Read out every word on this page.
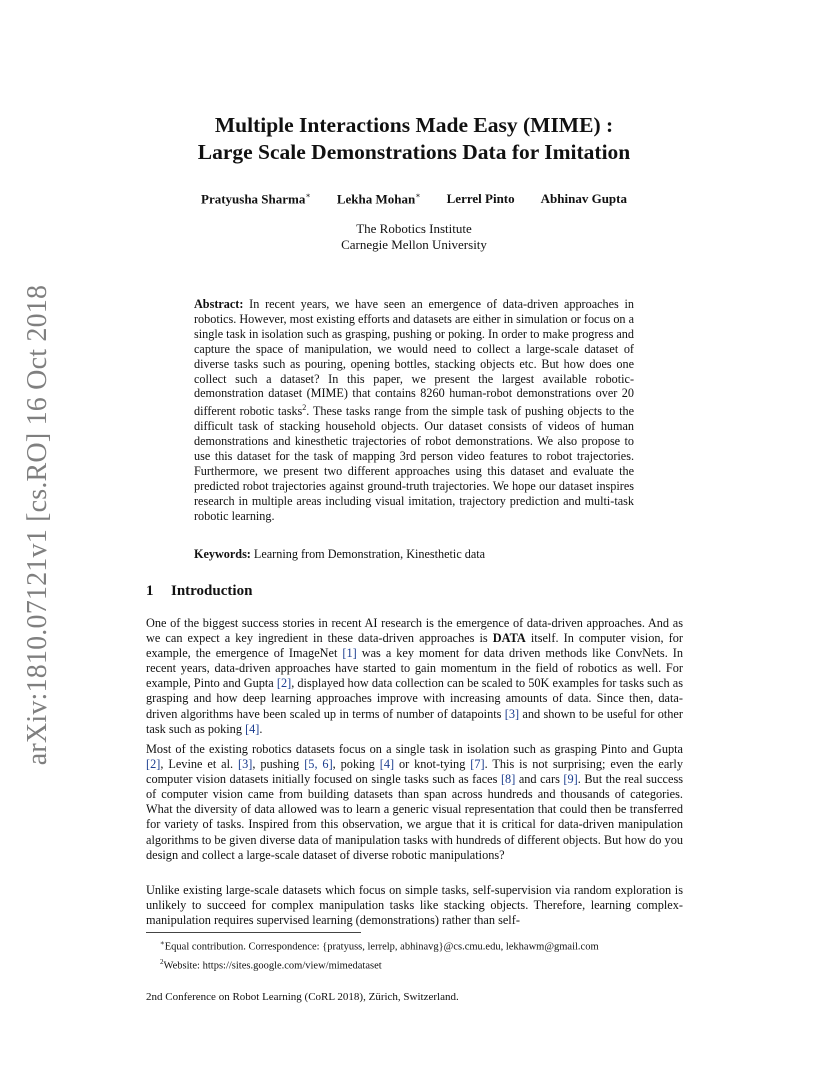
arXiv:1810.07121v1 [cs.RO] 16 Oct 2018
Multiple Interactions Made Easy (MIME) :
Large Scale Demonstrations Data for Imitation
Pratyusha Sharma∗ Lekha Mohan∗ Lerrel Pinto Abhinav Gupta
The Robotics Institute
Carnegie Mellon University
Abstract: In recent years, we have seen an emergence of data-driven approaches in robotics. However, most existing efforts and datasets are either in simulation or focus on a single task in isolation such as grasping, pushing or poking. In order to make progress and capture the space of manipulation, we would need to collect a large-scale dataset of diverse tasks such as pouring, opening bottles, stacking objects etc. But how does one collect such a dataset? In this paper, we present the largest available robotic-demonstration dataset (MIME) that contains 8260 human-robot demonstrations over 20 different robotic tasks$^2$. These tasks range from the simple task of pushing objects to the difficult task of stacking household objects. Our dataset consists of videos of human demonstrations and kinesthetic trajectories of robot demonstrations. We also propose to use this dataset for the task of mapping 3rd person video features to robot trajectories. Furthermore, we present two different approaches using this dataset and evaluate the predicted robot trajectories against ground-truth trajectories. We hope our dataset inspires research in multiple areas including visual imitation, trajectory prediction and multi-task robotic learning.
Keywords: Learning from Demonstration, Kinesthetic data
1 Introduction
One of the biggest success stories in recent AI research is the emergence of data-driven approaches. And as we can expect a key ingredient in these data-driven approaches is DATA itself. In computer vision, for example, the emergence of ImageNet [1] was a key moment for data driven methods like ConvNets. In recent years, data-driven approaches have started to gain momentum in the field of robotics as well. For example, Pinto and Gupta [2], displayed how data collection can be scaled to 50K examples for tasks such as grasping and how deep learning approaches improve with increasing amounts of data. Since then, data-driven algorithms have been scaled up in terms of number of datapoints [3] and shown to be useful for other task such as poking [4].
Most of the existing robotics datasets focus on a single task in isolation such as grasping Pinto and Gupta [2], Levine et al. [3], pushing [5, 6], poking [4] or knot-tying [7]. This is not surprising; even the early computer vision datasets initially focused on single tasks such as faces [8] and cars [9]. But the real success of computer vision came from building datasets than span across hundreds and thousands of categories. What the diversity of data allowed was to learn a generic visual representation that could then be transferred for variety of tasks. Inspired from this observation, we argue that it is critical for data-driven manipulation algorithms to be given diverse data of manipulation tasks with hundreds of different objects. But how do you design and collect a large-scale dataset of diverse robotic manipulations?
Unlike existing large-scale datasets which focus on simple tasks, self-supervision via random exploration is unlikely to succeed for complex manipulation tasks like stacking objects. Therefore, learning complex-manipulation requires supervised learning (demonstrations) rather than self-
∗Equal contribution. Correspondence: {pratyuss, lerrelp, abhinavg}@cs.cmu.edu, lekhawm@gmail.com
$^2$Website: https://sites.google.com/view/mimedataset
2nd Conference on Robot Learning (CoRL 2018), Zürich, Switzerland.
